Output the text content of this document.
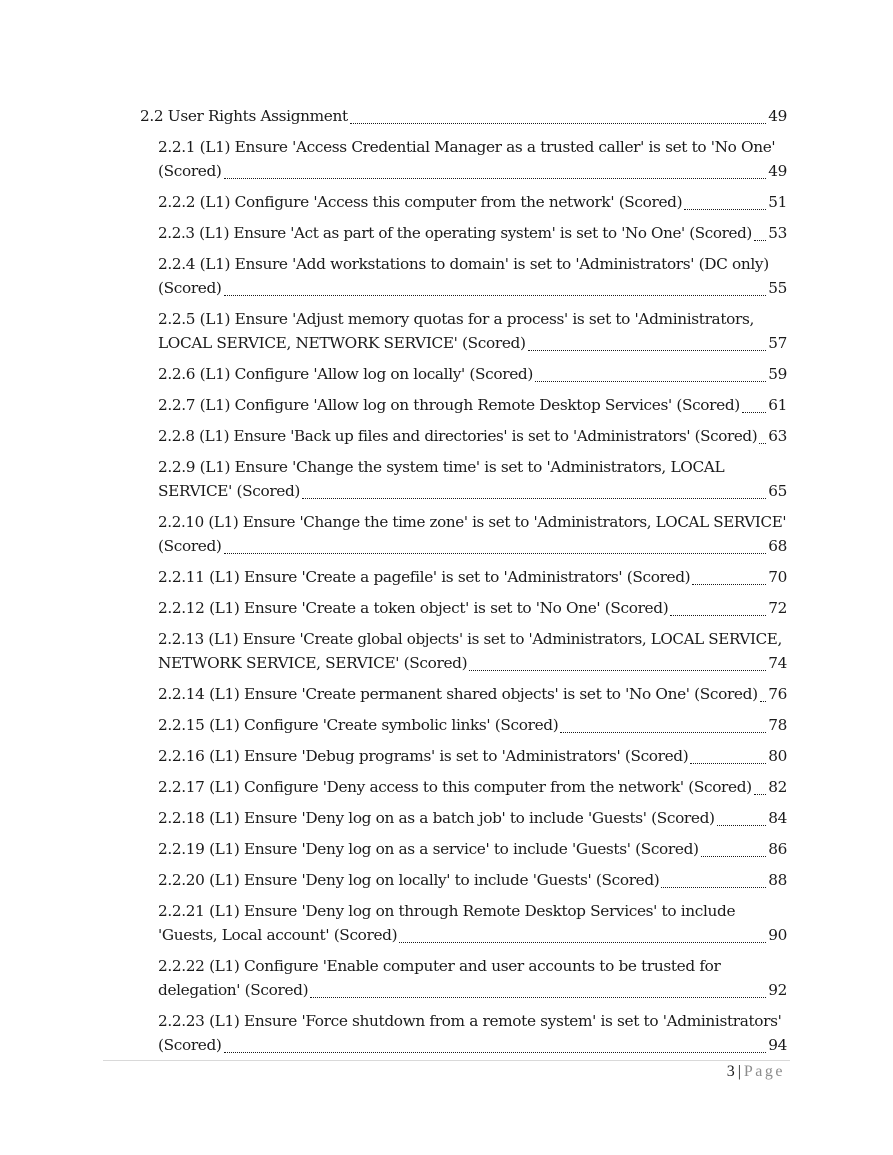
2.2 User Rights Assignment	49
2.2.1 (L1) Ensure 'Access Credential Manager as a trusted caller' is set to 'No One'
(Scored)	49
2.2.2 (L1) Configure 'Access this computer from the network' (Scored)	51
2.2.3 (L1) Ensure 'Act as part of the operating system' is set to 'No One' (Scored) 53
2.2.4 (L1) Ensure 'Add workstations to domain' is set to 'Administrators' (DC only)
(Scored)	55
2.2.5 (L1) Ensure 'Adjust memory quotas for a process' is set to 'Administrators,
LOCAL SERVICE, NETWORK SERVICE' (Scored)	57
2.2.6 (L1) Configure 'Allow log on locally' (Scored)	59
2.2.7 (L1) Configure 'Allow log on through Remote Desktop Services' (Scored) 61
2.2.8 (L1) Ensure 'Back up files and directories' is set to 'Administrators' (Scored) 63
2.2.9 (L1) Ensure 'Change the system time' is set to 'Administrators, LOCAL
SERVICE' (Scored)	65
2.2.10 (L1) Ensure 'Change the time zone' is set to 'Administrators, LOCAL SERVICE'
(Scored)	68
2.2.11 (L1) Ensure 'Create a pagefile' is set to 'Administrators' (Scored)	70
2.2.12 (L1) Ensure 'Create a token object' is set to 'No One' (Scored)	72
2.2.13 (L1) Ensure 'Create global objects' is set to 'Administrators, LOCAL SERVICE,
NETWORK SERVICE, SERVICE' (Scored)	74
2.2.14 (L1) Ensure 'Create permanent shared objects' is set to 'No One' (Scored) 76
2.2.15 (L1) Configure 'Create symbolic links' (Scored)	78
2.2.16 (L1) Ensure 'Debug programs' is set to 'Administrators' (Scored)	80
2.2.17 (L1) Configure 'Deny access to this computer from the network' (Scored) 82
2.2.18 (L1) Ensure 'Deny log on as a batch job' to include 'Guests' (Scored)	84
2.2.19 (L1) Ensure 'Deny log on as a service' to include 'Guests' (Scored)	86
2.2.20 (L1) Ensure 'Deny log on locally' to include 'Guests' (Scored)	88
2.2.21 (L1) Ensure 'Deny log on through Remote Desktop Services' to include
'Guests, Local account' (Scored)	90
2.2.22 (L1) Configure 'Enable computer and user accounts to be trusted for
delegation' (Scored)	92
2.2.23 (L1) Ensure 'Force shutdown from a remote system' is set to 'Administrators'
(Scored)	94
3 | Page
